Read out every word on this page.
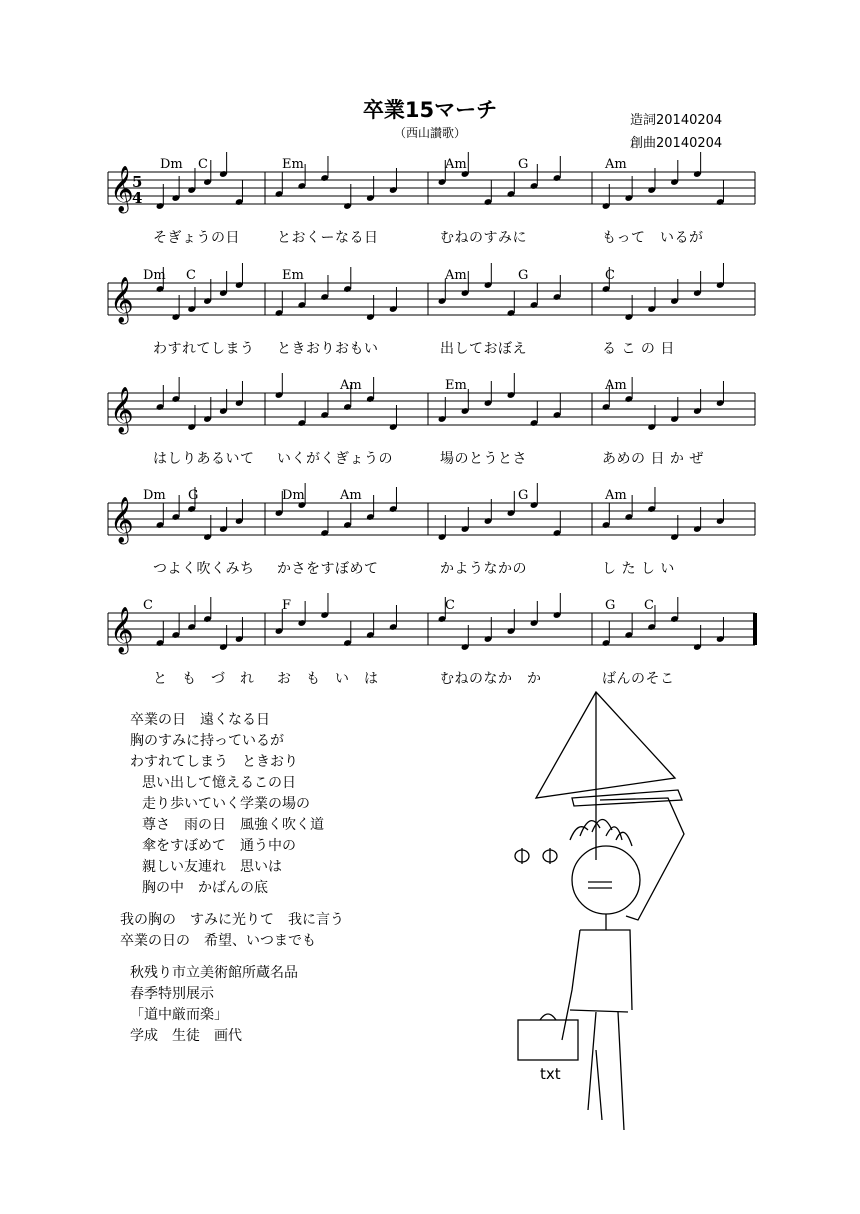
卒業15マーチ
（西山讃歌）
造詞20140204
創曲20140204
𝄞
5
4
Dm C	Em	Am	G	Am
そぎょうの日	とおくーなる日	むねのすみに	もって　いるが
𝄞
Dm C	Em	Am	G	C
わすれてしまう ときおりおもい	出しておぼえ	る こ の 日
𝄞
Am	Em	Am
はしりあるいて いくがくぎょうの	場のとうとさ	あめの 日 か ぜ
𝄞
Dm G	Dm	Am	G	Am
つよく吹くみち かさをすぼめて	かようなかの	し た し い
𝄞
C	F	C	G C
と　も　づ　れ お　も　い　は	むねのなか　か	ばんのそこ
卒業の日　遠くなる日
胸のすみに持っているが
わすれてしまう　ときおり
思い出して憶えるこの日
走り歩いていく学業の場の
尊さ　雨の日　風強く吹く道
傘をすぼめて　通う中の
親しい友連れ　思いは
胸の中　かばんの底
我の胸の　すみに光りて　我に言う
卒業の日の　希望、いつまでも
秋残り市立美術館所蔵名品
春季特別展示
「道中厳而楽」
学成　生徒　画代
txt
